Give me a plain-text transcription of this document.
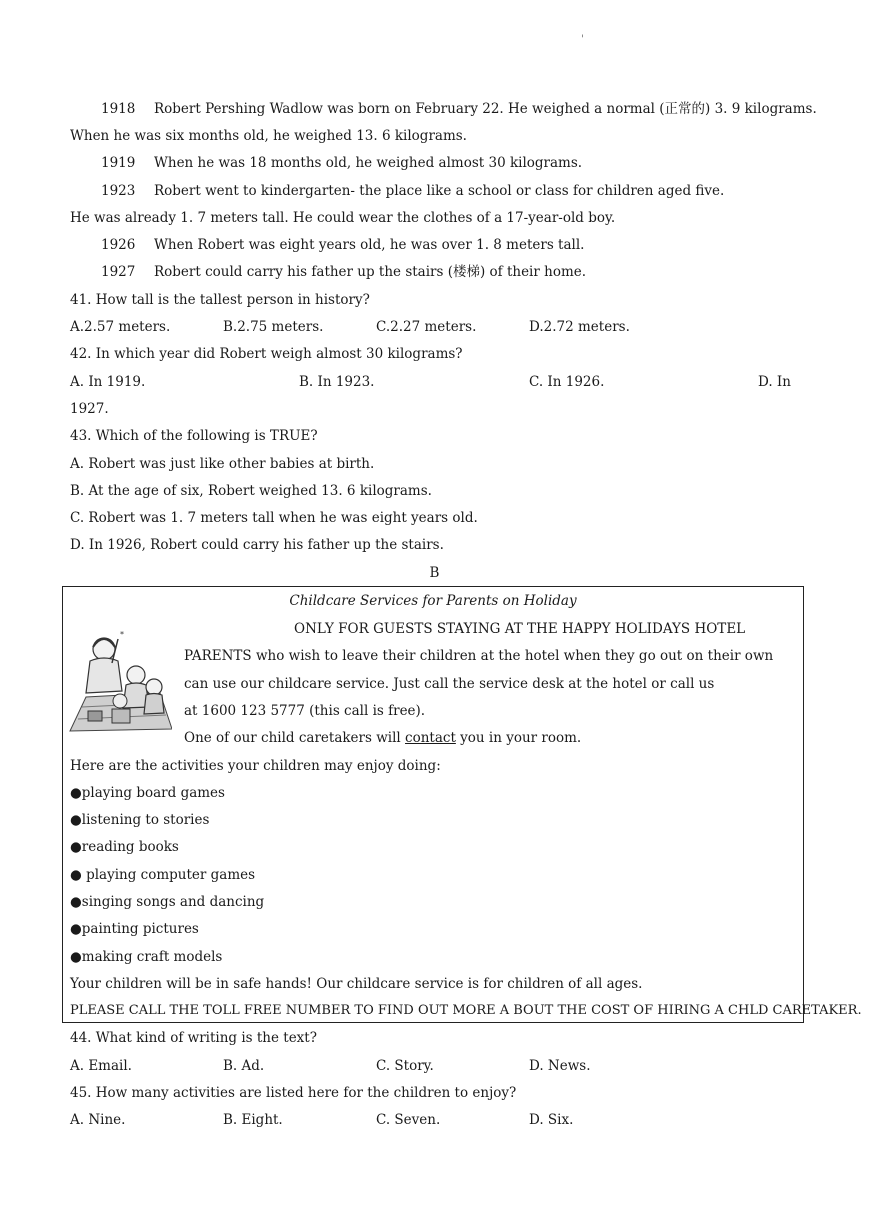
'
1918 Robert Pershing Wadlow was born on February 22. He weighed a normal (正常的) 3. 9 kilograms.
When he was six months old, he weighed 13. 6 kilograms.
1919 When he was 18 months old, he weighed almost 30 kilograms.
1923 Robert went to kindergarten- the place like a school or class for children aged five.
He was already 1. 7 meters tall. He could wear the clothes of a 17-year-old boy.
1926 When Robert was eight years old, he was over 1. 8 meters tall.
1927 Robert could carry his father up the stairs (楼梯) of their home.
41. How tall is the tallest person in history?
A.2.57 meters.	B.2.75 meters.	C.2.27 meters.	D.2.72 meters.
42. In which year did Robert weigh almost 30 kilograms?
A. In 1919.	B. In 1923.	C. In 1926.	D. In
1927.
43. Which of the following is TRUE?
A. Robert was just like other babies at birth.
B. At the age of six, Robert weighed 13. 6 kilograms.
C. Robert was 1. 7 meters tall when he was eight years old.
D. In 1926, Robert could carry his father up the stairs.
B
Childcare Services for Parents on Holiday
ONLY FOR GUESTS STAYING AT THE HAPPY HOLIDAYS HOTEL
*
PARENTS who wish to leave their children at the hotel when they go out on their own
can use our childcare service. Just call the service desk at the hotel or call us
at 1600 123 5777 (this call is free).
One of our child caretakers will contact you in your room.
Here are the activities your children may enjoy doing:
●playing board games
●listening to stories
●reading books
● playing computer games
●singing songs and dancing
●painting pictures
●making craft models
Your children will be in safe hands! Our childcare service is for children of all ages.
PLEASE CALL THE TOLL FREE NUMBER TO FIND OUT MORE A BOUT THE COST OF HIRING A CHLD CARETAKER.
44. What kind of writing is the text?
A. Email.	B. Ad.	C. Story.	D. News.
45. How many activities are listed here for the children to enjoy?
A. Nine.	B. Eight.	C. Seven.	D. Six.
